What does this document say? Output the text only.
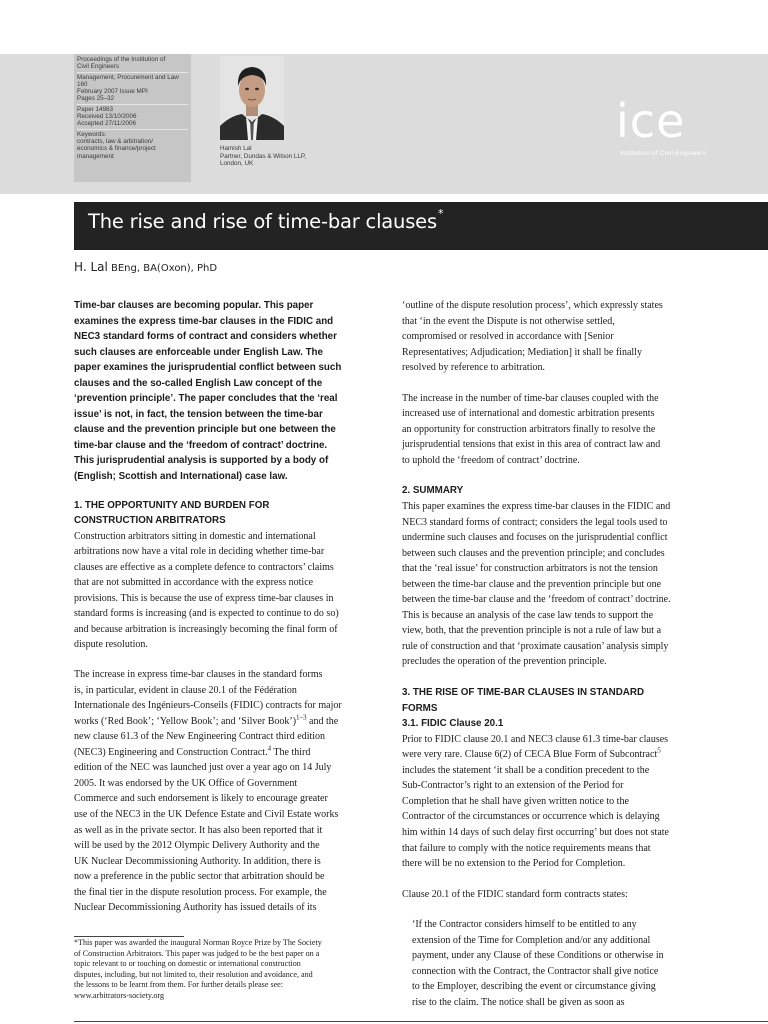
Proceedings of the Institution of
Civil Engineers
Management, Procurement and Law
160
February 2007 Issue MPI
Pages 25–32
Paper 14983
Received 13/10/2006
Accepted 27/11/2006
Keywords:
contracts, law & arbitration/
economics & finance/project
management
Hamish Lal
Partner, Dundas & Wilson LLP,
London, UK
ice
Institution of Civil Engineers
The rise and rise of time-bar clauses*
H. Lal BEng, BA(Oxon), PhD
Time-bar clauses are becoming popular. This paper
examines the express time-bar clauses in the FIDIC and
NEC3 standard forms of contract and considers whether
such clauses are enforceable under English Law. The
paper examines the jurisprudential conflict between such
clauses and the so-called English Law concept of the
‘prevention principle’. The paper concludes that the ‘real
issue’ is not, in fact, the tension between the time-bar
clause and the prevention principle but one between the
time-bar clause and the ‘freedom of contract’ doctrine.
This jurisprudential analysis is supported by a body of
(English; Scottish and International) case law.
1. THE OPPORTUNITY AND BURDEN FOR
CONSTRUCTION ARBITRATORS
Construction arbitrators sitting in domestic and international
arbitrations now have a vital role in deciding whether time-bar
clauses are effective as a complete defence to contractors’ claims
that are not submitted in accordance with the express notice
provisions. This is because the use of express time-bar clauses in
standard forms is increasing (and is expected to continue to do so)
and because arbitration is increasingly becoming the final form of
dispute resolution.
The increase in express time-bar clauses in the standard forms
is, in particular, evident in clause 20.1 of the Fédération
Internationale des Ingénieurs-Conseils (FIDIC) contracts for major
works (‘Red Book’; ‘Yellow Book’; and ‘Silver Book’)$^{1-3}$ and the
new clause 61.3 of the New Engineering Contract third edition
(NEC3) Engineering and Construction Contract.$^4$ The third
edition of the NEC was launched just over a year ago on 14 July
2005. It was endorsed by the UK Office of Government
Commerce and such endorsement is likely to encourage greater
use of the NEC3 in the UK Defence Estate and Civil Estate works
as well as in the private sector. It has also been reported that it
will be used by the 2012 Olympic Delivery Authority and the
UK Nuclear Decommissioning Authority. In addition, there is
now a preference in the public sector that arbitration should be
the final tier in the dispute resolution process. For example, the
Nuclear Decommissioning Authority has issued details of its
‘outline of the dispute resolution process’, which expressly states
that ‘in the event the Dispute is not otherwise settled,
compromised or resolved in accordance with [Senior
Representatives; Adjudication; Mediation] it shall be finally
resolved by reference to arbitration.
The increase in the number of time-bar clauses coupled with the
increased use of international and domestic arbitration presents
an opportunity for construction arbitrators finally to resolve the
jurisprudential tensions that exist in this area of contract law and
to uphold the ‘freedom of contract’ doctrine.
2. SUMMARY
This paper examines the express time-bar clauses in the FIDIC and
NEC3 standard forms of contract; considers the legal tools used to
undermine such clauses and focuses on the jurisprudential conflict
between such clauses and the prevention principle; and concludes
that the ‘real issue’ for construction arbitrators is not the tension
between the time-bar clause and the prevention principle but one
between the time-bar clause and the ‘freedom of contract’ doctrine.
This is because an analysis of the case law tends to support the
view, both, that the prevention principle is not a rule of law but a
rule of construction and that ‘proximate causation’ analysis simply
precludes the operation of the prevention principle.
3. THE RISE OF TIME-BAR CLAUSES IN STANDARD
FORMS
3.1. FIDIC Clause 20.1
Prior to FIDIC clause 20.1 and NEC3 clause 61.3 time-bar clauses
were very rare. Clause 6(2) of CECA Blue Form of Subcontract$^5$
includes the statement ‘it shall be a condition precedent to the
Sub-Contractor’s right to an extension of the Period for
Completion that he shall have given written notice to the
Contractor of the circumstances or occurrence which is delaying
him within 14 days of such delay first occurring’ but does not state
that failure to comply with the notice requirements means that
there will be no extension to the Period for Completion.
Clause 20.1 of the FIDIC standard form contracts states:
‘If the Contractor considers himself to be entitled to any
extension of the Time for Completion and/or any additional
payment, under any Clause of these Conditions or otherwise in
connection with the Contract, the Contractor shall give notice
to the Employer, describing the event or circumstance giving
rise to the claim. The notice shall be given as soon as
*This paper was awarded the inaugural Norman Royce Prize by The Society
of Construction Arbitrators. This paper was judged to be the best paper on a
topic relevant to or touching on domestic or international construction
disputes, including, but not limited to, their resolution and avoidance, and
the lessons to be learnt from them. For further details please see:
www.arbitrators-society.org
